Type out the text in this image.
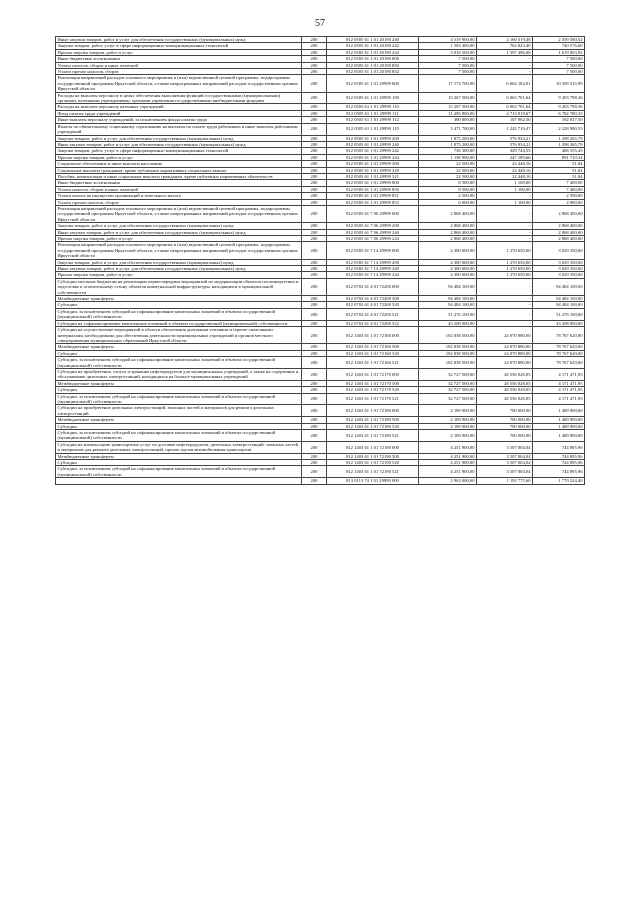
57
Иные закупки товаров, работ и услуг для обеспечения государственных (муниципальных) нужд	200	812 0505 61 1 01 20190 240	4 519 900,00	2 160 319,48	2 359 580,52
Закупка товаров, работ, услуг в сфере информационно-коммуникационных технологий	200	812 0505 61 1 01 20190 242	1 503 400,00	762 823,40	740 576,60
Прочая закупка товаров, работ и услуг	200	812 0505 61 1 01 20190 244	3 016 500,00	1 397 496,08	1 619 003,92
Иные бюджетные ассигнования	200	812 0505 61 1 01 20190 800	7 500,00	-	7 500,00
Уплата налогов, сборов и иных платежей	200	812 0505 61 1 01 20190 850	7 500,00	-	7 500,00
Уплата прочих налогов, сборов	200	812 0505 61 1 01 20190 852	7 500,00	-	7 500,00
Реализация направлений расходов основного мероприятия и (или) ведомственной целевой программы, подпрограммы государственной программы Иркутской области, а также непрограммных направлений расходов государственных органов Иркутской области	200	812 0505 61 1 01 29999 000	17 173 700,00	6 664 184,01	10 509 515,99
Расходы на выплаты персоналу в целях обеспечения выполнения функций государственными (муниципальными) органами, казенными учреждениями, органами управления государственными внебюджетными фондами	200	812 0505 61 1 01 29999 100	15 267 500,00	6 063 701,64	9 203 798,36
Расходы на выплаты персоналу казенных учреждений	200	812 0505 61 1 01 29999 110	15 267 500,00	6 063 701,64	9 203 798,36
Фонд оплаты труда учреждений	200	812 0505 61 1 01 29999 111	11 495 800,00	4 713 019,67	6 782 780,33
Иные выплаты персоналу учреждений, за исключением фонда оплаты труда	200	812 0505 61 1 01 29999 112	300 000,00	107 962,50	192 037,50
Взносы по обязательному социальному страхованию на выплаты по оплате труда работников и иные выплаты работникам учреждений	200	812 0505 61 1 01 29999 119	3 471 700,00	1 242 719,47	2 228 980,53
Закупка товаров, работ и услуг для обеспечения государственных (муниципальных) нужд	200	812 0505 61 1 01 29999 200	1 875 200,00	576 934,21	1 298 265,79
Иные закупки товаров, работ и услуг для обеспечения государственных (муниципальных) нужд	200	812 0505 61 1 01 29999 240	1 875 200,00	576 934,21	1 298 265,79
Закупка товаров, работ, услуг в сфере информационно-коммуникационных технологий	200	812 0505 61 1 01 29999 242	736 300,00	329 744,55	406 555,45
Прочая закупка товаров, работ и услуг	200	812 0505 61 1 01 29999 244	1 138 900,00	247 189,66	891 710,34
Социальное обеспечение и иные выплаты населению	200	812 0505 61 1 01 29999 300	22 500,00	22 448,16	51,84
Социальные выплаты гражданам, кроме публичных нормативных социальных выплат	200	812 0505 61 1 01 29999 320	22 500,00	22 448,16	51,84
Пособия, компенсации и иные социальные выплаты гражданам, кроме публичных нормативных обязательств	200	812 0505 61 1 01 29999 321	22 500,00	22 448,16	51,84
Иные бюджетные ассигнования	200	812 0505 61 1 01 29999 800	8 500,00	1 100,00	7 400,00
Уплата налогов, сборов и иных платежей	200	812 0505 61 1 01 29999 850	8 500,00	1 100,00	7 400,00
Уплата налога на имущество организаций и земельного налога	200	812 0505 61 1 01 29999 851	2 500,00	-	2 500,00
Уплата прочих налогов, сборов	200	812 0505 61 1 01 29999 852	6 000,00	1 100,00	4 900,00
Реализация направлений расходов основного мероприятия и (или) ведомственной целевой программы, подпрограммы государственной программы Иркутской области, а также непрограммных направлений расходов государственных органов Иркутской области	200	812 0505 61 7 06 29999 000	2 868 400,00	-	2 868 400,00
Закупка товаров, работ и услуг для обеспечения государственных (муниципальных) нужд	200	812 0505 61 7 06 29999 200	2 868 400,00	-	2 868 400,00
Иные закупки товаров, работ и услуг для обеспечения государственных (муниципальных) нужд	200	812 0505 61 7 06 29999 240	2 868 400,00	-	2 868 400,00
Прочая закупка товаров, работ и услуг	200	812 0505 61 7 06 29999 244	2 868 400,00	-	2 868 400,00
Реализация направлений расходов основного мероприятия и (или) ведомственной целевой программы, подпрограммы государственной программы Иркутской области, а также непрограммных направлений расходов государственных органов Иркутской области	200	812 0505 61 7 14 29999 000	4 300 000,00	1 270 650,00	3 029 350,00
Закупка товаров, работ и услуг для обеспечения государственных (муниципальных) нужд	200	812 0505 61 7 14 29999 200	4 300 000,00	1 270 650,00	3 029 350,00
Иные закупки товаров, работ и услуг для обеспечения государственных (муниципальных) нужд	200	812 0505 61 7 14 29999 240	4 300 000,00	1 270 650,00	3 029 350,00
Прочая закупка товаров, работ и услуг	200	812 0505 61 7 14 29999 244	4 300 000,00	1 270 650,00	3 029 350,00
Субсидии местным бюджетам на реализацию первоочередных мероприятий по модернизации объектов теплоэнергетики и подготовке к отопительному сезону объектов коммунальной инфраструктуры, находящихся в муниципальной собственности	200	812 0702 61 4 01 72200 000	94 484 100,00	-	94 484 100,00
Межбюджетные трансферты	200	812 0702 61 4 01 72200 500	94 484 100,00	-	94 484 100,00
Субсидии	200	812 0702 61 4 01 72200 520	94 484 100,00	-	94 484 100,00
Субсидии, за исключением субсидий на софинансирование капитальных вложений в объекты государственной (муниципальной) собственности	200	812 0702 61 4 01 72200 521	51 276 100,00	-	51 276 100,00
Субсидии на софинансирование капитальных вложений в объекты государственной (муниципальной) собственности	200	812 0702 61 4 01 72200 522	43 208 000,00	-	43 208 000,00
Субсидии на осуществление мероприятий в области обеспечения дизельным топливом и горюче-смазочными материалами, необходимыми для обеспечения деятельности муниципальных учреждений и органов местного самоуправления муниципальных образований Иркутской области	200	812 1403 61 1 01 72160 000	102 838 500,00	24 070 880,00	78 767 620,00
Межбюджетные трансферты	200	812 1403 61 1 01 72160 500	102 838 500,00	24 070 880,00	78 767 620,00
Субсидии	200	812 1403 61 1 01 72160 520	102 838 500,00	24 070 880,00	78 767 620,00
Субсидии, за исключением субсидий на софинансирование капитальных вложений в объекты государственной (муниципальной) собственности	200	812 1403 61 1 01 72160 521	102 838 500,00	24 070 880,00	78 767 620,00
Субсидии на приобретение, отпуск и хранение нефтепродуктов для муниципальных учреждений, а также на содержание и обслуживание дизельных электростанций, находящихся на балансе муниципальных учреждений	200	812 1403 61 1 01 72170 000	32 727 500,00	28 556 028,05	4 171 471,95
Межбюджетные трансферты	200	812 1403 61 1 01 72170 500	32 727 500,00	28 556 028,05	4 171 471,95
Субсидии	200	812 1403 61 1 01 72170 520	32 727 500,00	28 556 028,05	4 171 471,95
Субсидии, за исключением субсидий на софинансирование капитальных вложений в объекты государственной (муниципальной) собственности	200	812 1403 61 1 01 72170 521	32 727 500,00	28 556 028,05	4 171 471,95
Субсидии на приобретение дизельных электростанций, запасных частей и материалов для ремонта дизельных электростанций	200	812 1403 61 1 01 72180 000	2 189 900,00	700 000,00	1 489 900,00
Межбюджетные трансферты	200	812 1403 61 1 01 72180 500	2 189 900,00	700 000,00	1 489 900,00
Субсидии	200	812 1403 61 1 01 72180 520	2 189 900,00	700 000,00	1 489 900,00
Субсидии, за исключением субсидий на софинансирование капитальных вложений в объекты государственной (муниципальной) собственности	200	812 1403 61 1 01 72180 521	2 189 900,00	700 000,00	1 489 900,00
Субсидии на компенсацию транспортных услуг по доставке нефтепродуктов, дизельных электростанций, запасных частей и материалов для ремонта дизельных электростанций, прочих грузов автомобильным транспортом	200	812 1403 61 1 01 72190 000	4 251 900,00	3 507 004,04	744 895,96
Межбюджетные трансферты	200	812 1403 61 1 01 72190 500	4 251 900,00	3 507 004,04	744 895,96
Субсидии	200	812 1403 61 1 01 72190 520	4 251 900,00	3 507 004,04	744 895,96
Субсидии, за исключением субсидий на софинансирование капитальных вложений в объекты государственной (муниципальной) собственности	200	812 1403 61 1 01 72190 521	4 251 900,00	3 507 004,04	744 895,96
	200	813 0113 74 1 01 29999 000	2 963 000,00	1 192 775,60	1 770 224,40
